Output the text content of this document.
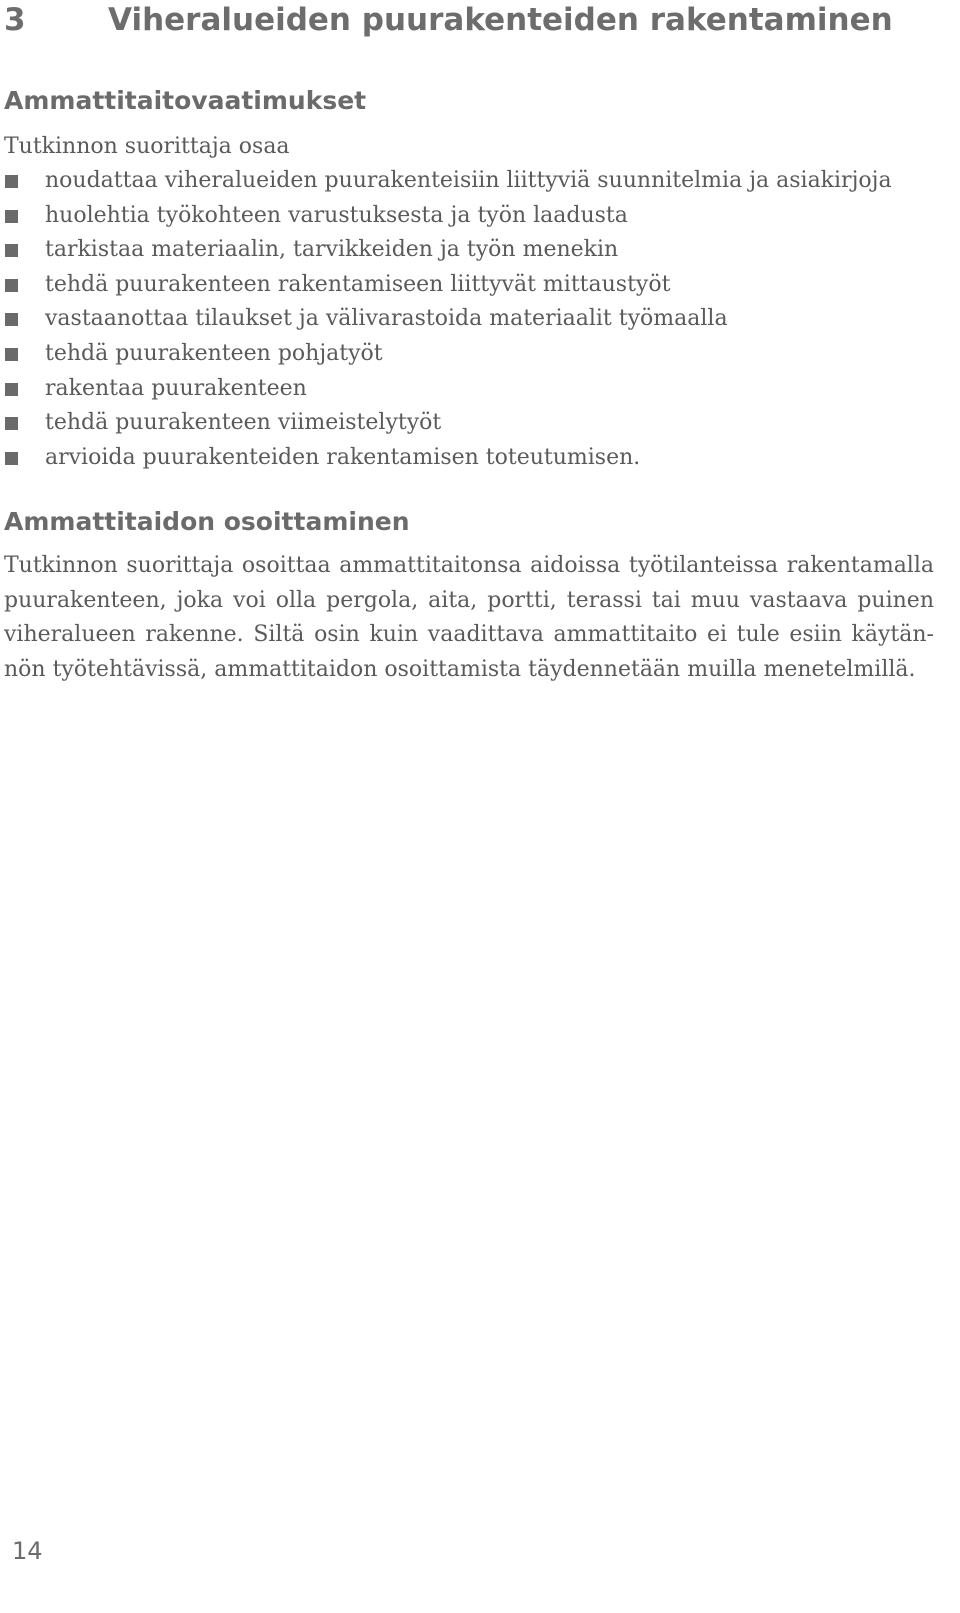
3	Viheralueiden puurakenteiden rakentaminen
Ammattitaitovaatimukset

Tutkinnon suorittaja osaa

noudattaa viheralueiden puurakenteisiin liittyviä suunnitelmia ja asiakirjoja
huolehtia työkohteen varustuksesta ja työn laadusta
tarkistaa materiaalin, tarvikkeiden ja työn menekin
tehdä puurakenteen rakentamiseen liittyvät mittaustyöt
vastaanottaa tilaukset ja välivarastoida materiaalit työmaalla
tehdä puurakenteen pohjatyöt
rakentaa puurakenteen
tehdä puurakenteen viimeistelytyöt
arvioida puurakenteiden rakentamisen toteutumisen.
Ammattitaidon osoittaminen
Tutkinnon suorittaja osoittaa ammattitaitonsa aidoissa työtilanteissa rakentamalla
puurakenteen, joka voi olla pergola, aita, portti, terassi tai muu vastaava puinen
viheralueen rakenne. Siltä osin kuin vaadittava ammattitaito ei tule esiin käytän-
nön työtehtävissä, ammattitaidon osoittamista täydennetään muilla menetelmillä.
14
